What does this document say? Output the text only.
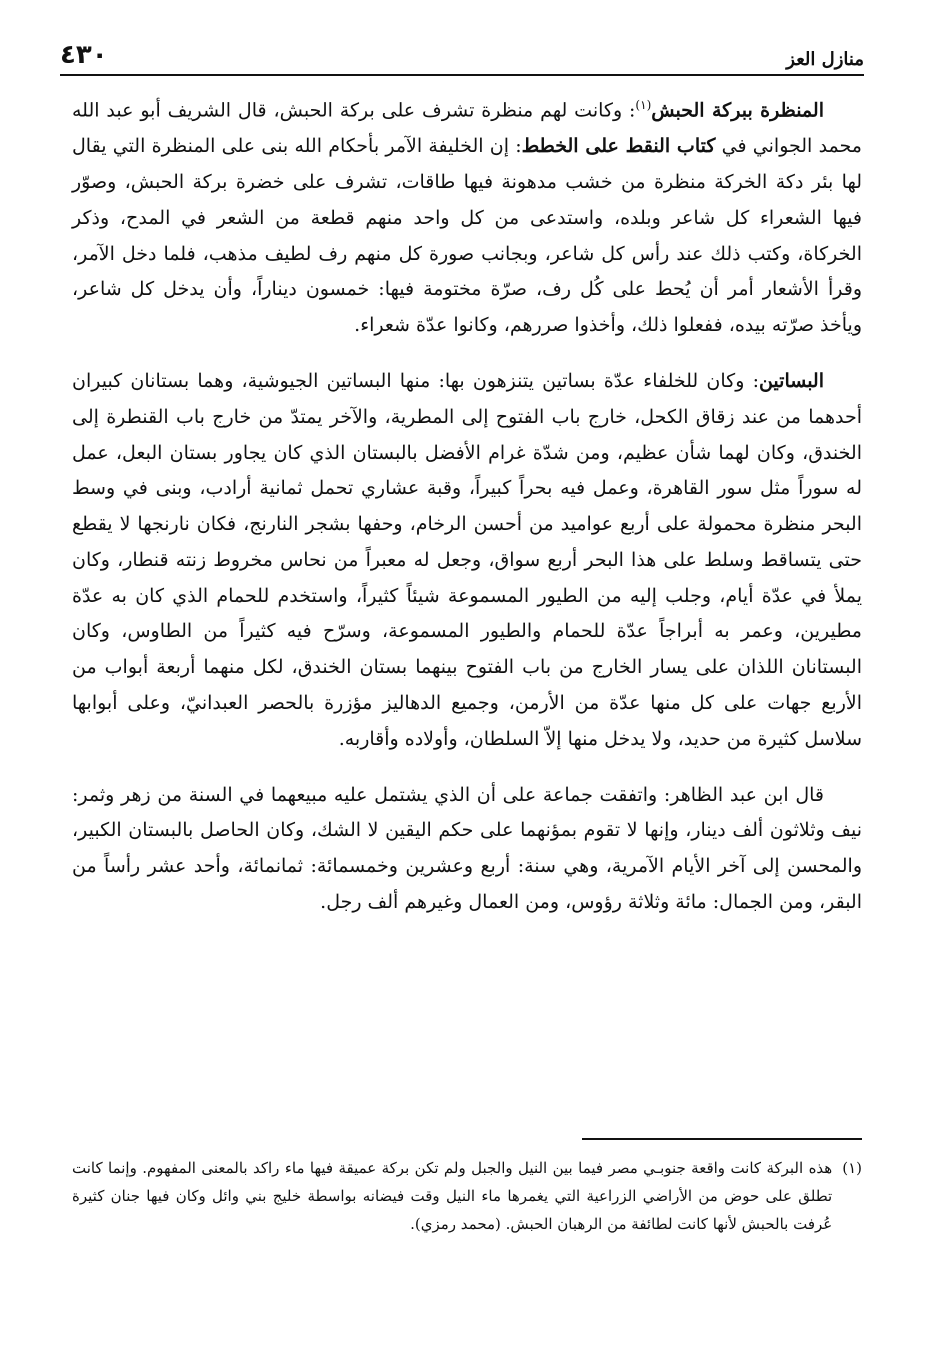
منازل العز
٤٣٠

المنظرة ببركة الحبش$^{(١)}$: وكانت لهم منظرة تشرف على بركة الحبش، قال الشريف أبو عبد الله محمد الجواني في كتاب النقط على الخطط: إن الخليفة الآمر بأحكام الله بنى على المنظرة التي يقال لها بئر دكة الخركة منظرة من خشب مدهونة فيها طاقات، تشرف على خضرة بركة الحبش، وصوّر فيها الشعراء كل شاعر وبلده، واستدعى من كل واحد منهم قطعة من الشعر في المدح، وذكر الخركاة، وكتب ذلك عند رأس كل شاعر، وبجانب صورة كل منهم رف لطيف مذهب، فلما دخل الآمر، وقرأ الأشعار أمر أن يُحط على كُل رف، صرّة مختومة فيها: خمسون ديناراً، وأن يدخل كل شاعر، ويأخذ صرّته بيده، ففعلوا ذلك، وأخذوا صررهم، وكانوا عدّة شعراء.

البساتين: وكان للخلفاء عدّة بساتين يتنزهون بها: منها البساتين الجيوشية، وهما بستانان كبيران أحدهما من عند زقاق الكحل، خارج باب الفتوح إلى المطرية، والآخر يمتدّ من خارج باب القنطرة إلى الخندق، وكان لهما شأن عظيم، ومن شدّة غرام الأفضل بالبستان الذي كان يجاور بستان البعل، عمل له سوراً مثل سور القاهرة، وعمل فيه بحراً كبيراً، وقبة عشاري تحمل ثمانية أرادب، وبنى في وسط البحر منظرة محمولة على أربع عواميد من أحسن الرخام، وحفها بشجر النارنج، فكان نارنجها لا يقطع حتى يتساقط وسلط على هذا البحر أربع سواق، وجعل له معبراً من نحاس مخروط زنته قنطار، وكان يملأ في عدّة أيام، وجلب إليه من الطيور المسموعة شيئاً كثيراً، واستخدم للحمام الذي كان به عدّة مطيرين، وعمر به أبراجاً عدّة للحمام والطيور المسموعة، وسرّح فيه كثيراً من الطاوس، وكان البستانان اللذان على يسار الخارج من باب الفتوح بينهما بستان الخندق، لكل منهما أربعة أبواب من الأربع جهات على كل منها عدّة من الأرمن، وجميع الدهاليز مؤزرة بالحصر العبدانيّ، وعلى أبوابها سلاسل كثيرة من حديد، ولا يدخل منها إلاّ السلطان، وأولاده وأقاربه.

قال ابن عبد الظاهر: واتفقت جماعة على أن الذي يشتمل عليه مبيعهما في السنة من زهر وثمر: نيف وثلاثون ألف دينار، وإنها لا تقوم بمؤنهما على حكم اليقين لا الشك، وكان الحاصل بالبستان الكبير، والمحسن إلى آخر الأيام الآمرية، وهي سنة: أربع وعشرين وخمسمائة: ثمانمائة، وأحد عشر رأساً من البقر، ومن الجمال: مائة وثلاثة رؤوس، ومن العمال وغيرهم ألف رجل.

(١)
هذه البركة كانت واقعة جنوبـي مصر فيما بين النيل والجبل ولم تكن بركة عميقة فيها ماء راكد بالمعنى المفهوم. وإنما كانت تطلق على حوض من الأراضي الزراعية التي يغمرها ماء النيل وقت فيضانه بواسطة خليج بني وائل وكان فيها جنان كثيرة عُرفت بالحبش لأنها كانت لطائفة من الرهبان الحبش. (محمد رمزي).
